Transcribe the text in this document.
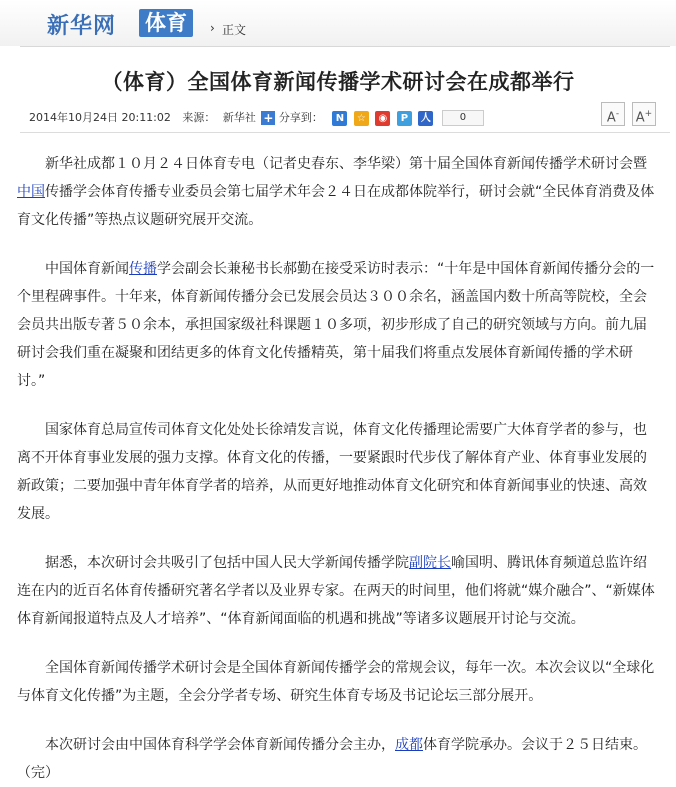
新华网 体育	› 正文
（体育）全国体育新闻传播学术研讨会在成都举行
2014年10月24日 20:11:02 来源： 新华社 + 分享到： N ☆ ◉ P 人	0	A-	A+

新华社成都１０月２４日体育专电（记者史春东、李华梁）第十届全国体育新闻传播学术研讨会暨中国传播学会体育传播专业委员会第七届学术年会２４日在成都体院举行，研讨会就“全民体育消费及体育文化传播”等热点议题研究展开交流。

中国体育新闻传播学会副会长兼秘书长郝勤在接受采访时表示：“十年是中国体育新闻传播分会的一个里程碑事件。十年来，体育新闻传播分会已发展会员达３００余名，涵盖国内数十所高等院校，全会会员共出版专著５０余本，承担国家级社科课题１０多项，初步形成了自己的研究领域与方向。前九届研讨会我们重在凝聚和团结更多的体育文化传播精英，第十届我们将重点发展体育新闻传播的学术研讨。”

国家体育总局宣传司体育文化处处长徐靖发言说，体育文化传播理论需要广大体育学者的参与，也离不开体育事业发展的强力支撑。体育文化的传播，一要紧跟时代步伐了解体育产业、体育事业发展的新政策；二要加强中青年体育学者的培养，从而更好地推动体育文化研究和体育新闻事业的快速、高效发展。

据悉，本次研讨会共吸引了包括中国人民大学新闻传播学院副院长喻国明、腾讯体育频道总监许绍连在内的近百名体育传播研究著名学者以及业界专家。在两天的时间里，他们将就“媒介融合”、“新媒体体育新闻报道特点及人才培养”、“体育新闻面临的机遇和挑战”等诸多议题展开讨论与交流。

全国体育新闻传播学术研讨会是全国体育新闻传播学会的常规会议，每年一次。本次会议以“全球化与体育文化传播”为主题，全会分学者专场、研究生体育专场及书记论坛三部分展开。

本次研讨会由中国体育科学学会体育新闻传播分会主办，成都体育学院承办。会议于２５日结束。（完）
